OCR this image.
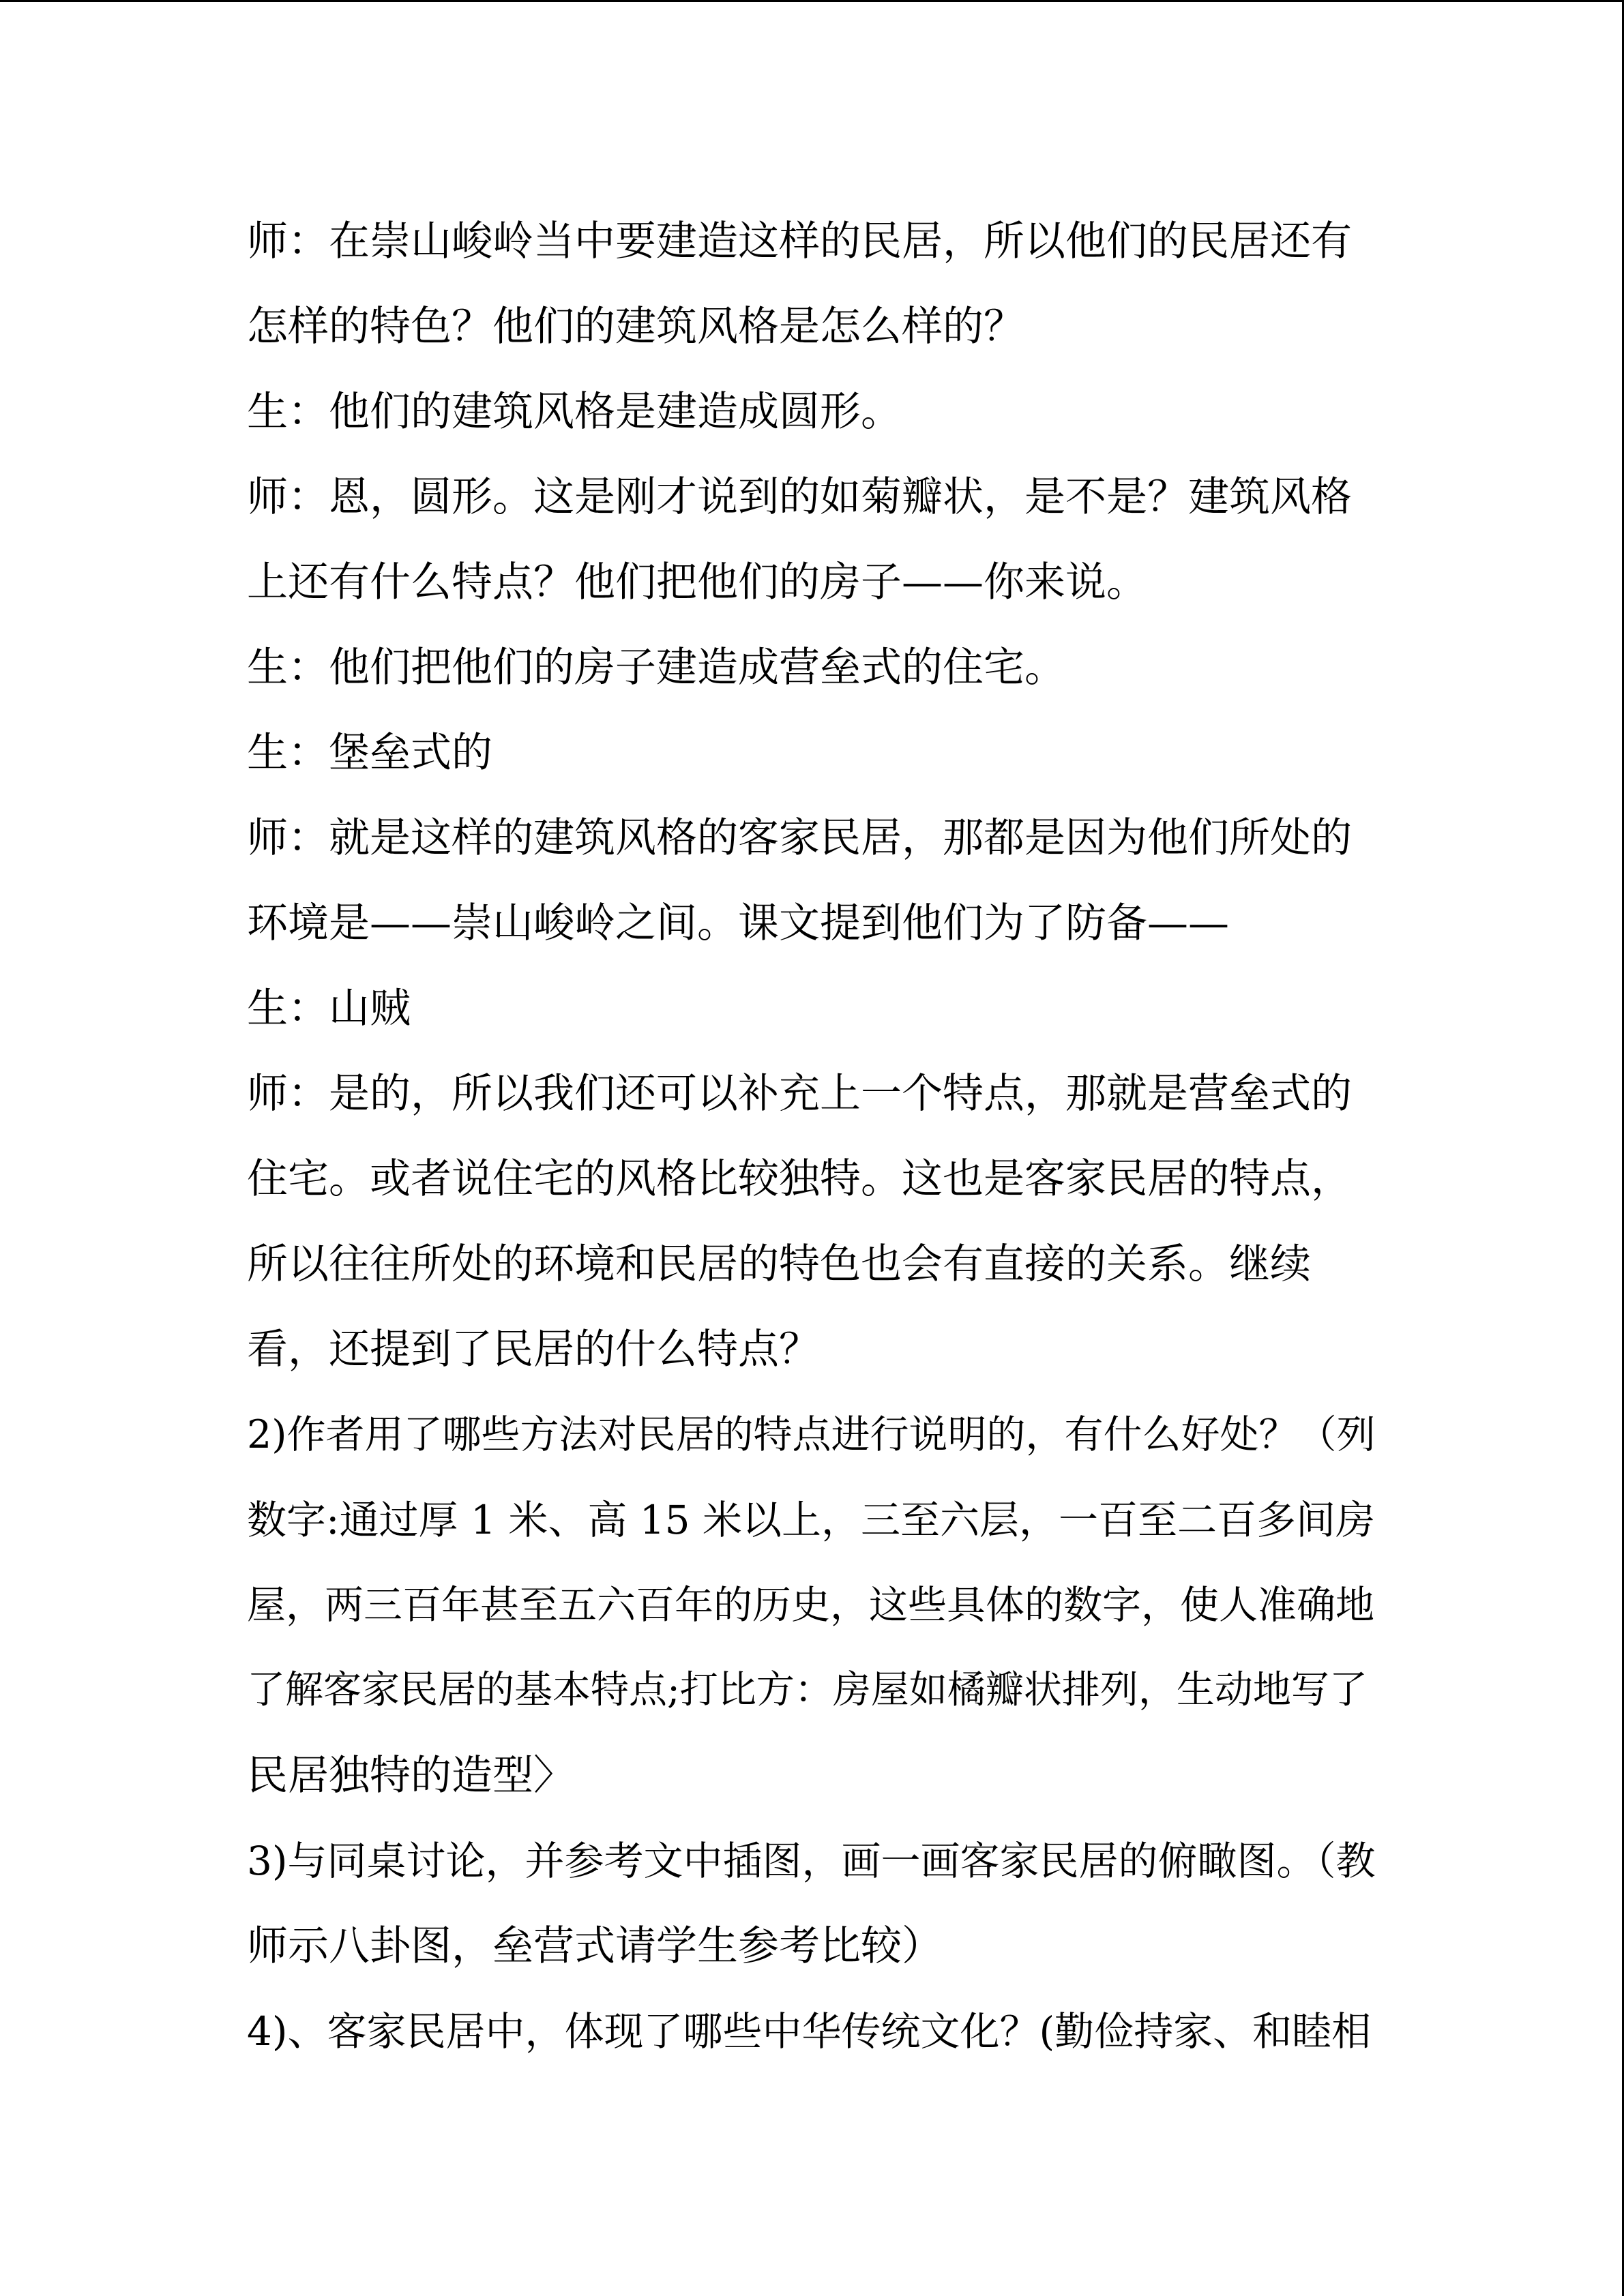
师：在崇山峻岭当中要建造这样的民居，所以他们的民居还有
怎样的特色？他们的建筑风格是怎么样的？
生：他们的建筑风格是建造成圆形。
师：恩，圆形。这是刚才说到的如菊瓣状，是不是？建筑风格
上还有什么特点？他们把他们的房子——你来说。
生：他们把他们的房子建造成营垒式的住宅。
生：堡垒式的
师：就是这样的建筑风格的客家民居，那都是因为他们所处的
环境是——崇山峻岭之间。课文提到他们为了防备——
生：山贼
师：是的，所以我们还可以补充上一个特点，那就是营垒式的
住宅。或者说住宅的风格比较独特。这也是客家民居的特点，
所以往往所处的环境和民居的特色也会有直接的关系。继续
看，还提到了民居的什么特点？
2)作者用了哪些方法对民居的特点进行说明的，有什么好处？（列
数字:通过厚 1 米、高 15 米以上，三至六层，一百至二百多间房
屋，两三百年甚至五六百年的历史，这些具体的数字，使人准确地
了解客家民居的基本特点;打比方：房屋如橘瓣状排列，生动地写了
民居独特的造型〉
3)与同桌讨论，并参考文中插图，画一画客家民居的俯瞰图。（教
师示八卦图，垒营式请学生参考比较）
4)、客家民居中，体现了哪些中华传统文化？(勤俭持家、和睦相
